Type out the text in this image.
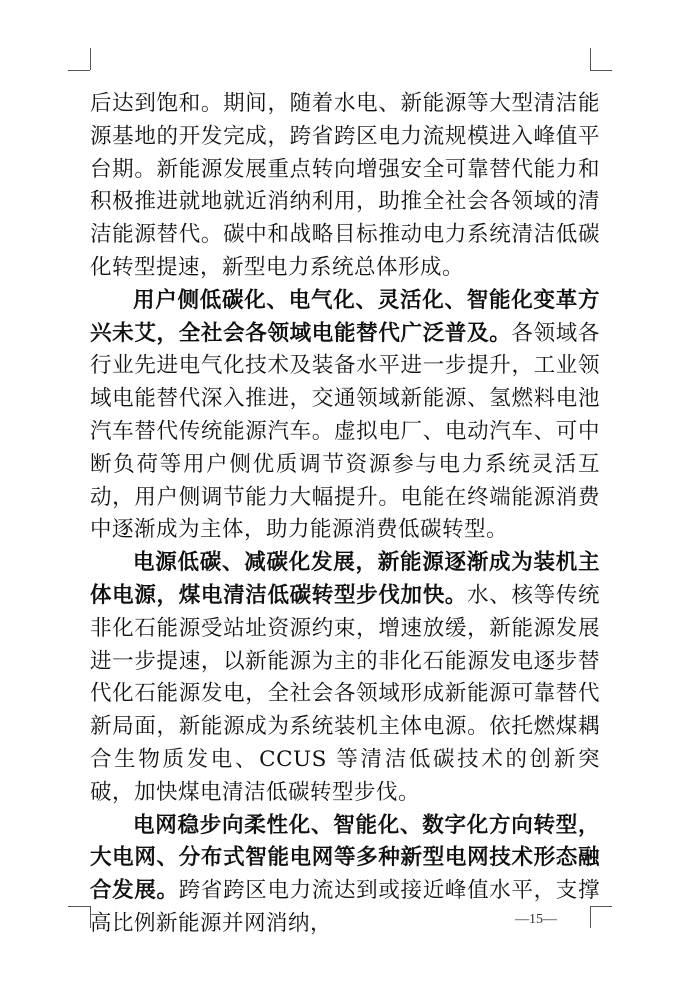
后达到饱和。期间，随着水电、新能源等大型清洁能源基地的开发完成，跨省跨区电力流规模进入峰值平台期。新能源发展重点转向增强安全可靠替代能力和积极推进就地就近消纳利用，助推全社会各领域的清洁能源替代。碳中和战略目标推动电力系统清洁低碳化转型提速，新型电力系统总体形成。

用户侧低碳化、电气化、灵活化、智能化变革方兴未艾，全社会各领域电能替代广泛普及。各领域各行业先进电气化技术及装备水平进一步提升，工业领域电能替代深入推进，交通领域新能源、氢燃料电池汽车替代传统能源汽车。虚拟电厂、电动汽车、可中断负荷等用户侧优质调节资源参与电力系统灵活互动，用户侧调节能力大幅提升。电能在终端能源消费中逐渐成为主体，助力能源消费低碳转型。

电源低碳、减碳化发展，新能源逐渐成为装机主体电源，煤电清洁低碳转型步伐加快。水、核等传统非化石能源受站址资源约束，增速放缓，新能源发展进一步提速，以新能源为主的非化石能源发电逐步替代化石能源发电，全社会各领域形成新能源可靠替代新局面，新能源成为系统装机主体电源。依托燃煤耦合生物质发电、CCUS 等清洁低碳技术的创新突破，加快煤电清洁低碳转型步伐。

电网稳步向柔性化、智能化、数字化方向转型，大电网、分布式智能电网等多种新型电网技术形态融合发展。跨省跨区电力流达到或接近峰值水平，支撑高比例新能源并网消纳，	—15—
